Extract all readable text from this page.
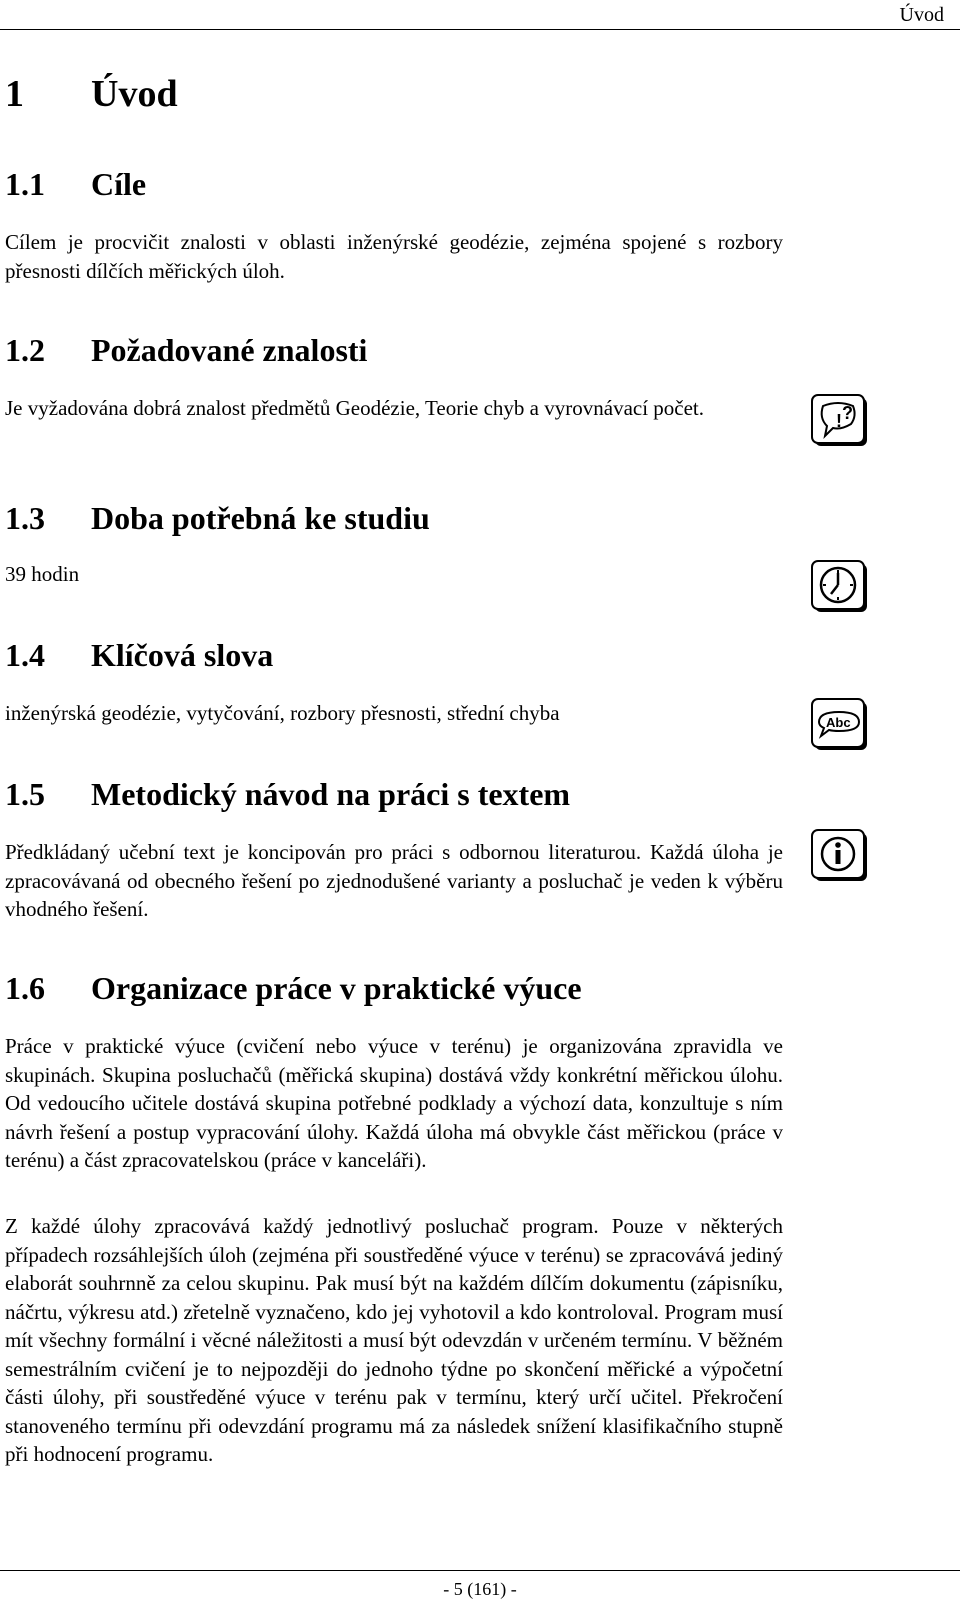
Úvod
1 Úvod
1.1 Cíle
Cílem je procvičit znalosti v oblasti inženýrské geodézie, zejména spojené s rozbory přesnosti dílčích měřických úloh.
1.2 Požadované znalosti
Je vyžadována dobrá znalost předmětů Geodézie, Teorie chyb a vyrovnávací počet.
1.3 Doba potřebná ke studiu
39 hodin
1.4 Klíčová slova
inženýrská geodézie, vytyčování, rozbory přesnosti, střední chyba
1.5 Metodický návod na práci s textem
Předkládaný učební text je koncipován pro práci s odbornou literaturou. Každá úloha je zpracovávaná od obecného řešení po zjednodušené varianty a posluchač je veden k výběru vhodného řešení.
1.6 Organizace práce v praktické výuce
Práce v praktické výuce (cvičení nebo výuce v terénu) je organizována zpravidla ve skupinách. Skupina posluchačů (měřická skupina) dostává vždy konkrétní měřickou úlohu. Od vedoucího učitele dostává skupina potřebné podklady a výchozí data, konzultuje s ním návrh řešení a postup vypracování úlohy. Každá úloha má obvykle část měřickou (práce v terénu) a část zpracovatelskou (práce v kanceláři).
Z každé úlohy zpracovává každý jednotlivý posluchač program. Pouze v některých případech rozsáhlejších úloh (zejména při soustředěné výuce v terénu) se zpracovává jediný elaborát souhrnně za celou skupinu. Pak musí být na každém dílčím dokumentu (zápisníku, náčrtu, výkresu atd.) zřetelně vyznačeno, kdo jej vyhotovil a kdo kontroloval. Program musí mít všechny formální i věcné náležitosti a musí být odevzdán v určeném termínu. V běžném semestrálním cvičení je to nejpozději do jednoho týdne po skončení měřické a výpočetní části úlohy, při soustředěné výuce v terénu pak v termínu, který určí učitel. Překročení stanoveného termínu při odevzdání programu má za následek snížení klasifikačního stupně při hodnocení programu.
! ?
Abc
- 5 (161) -
